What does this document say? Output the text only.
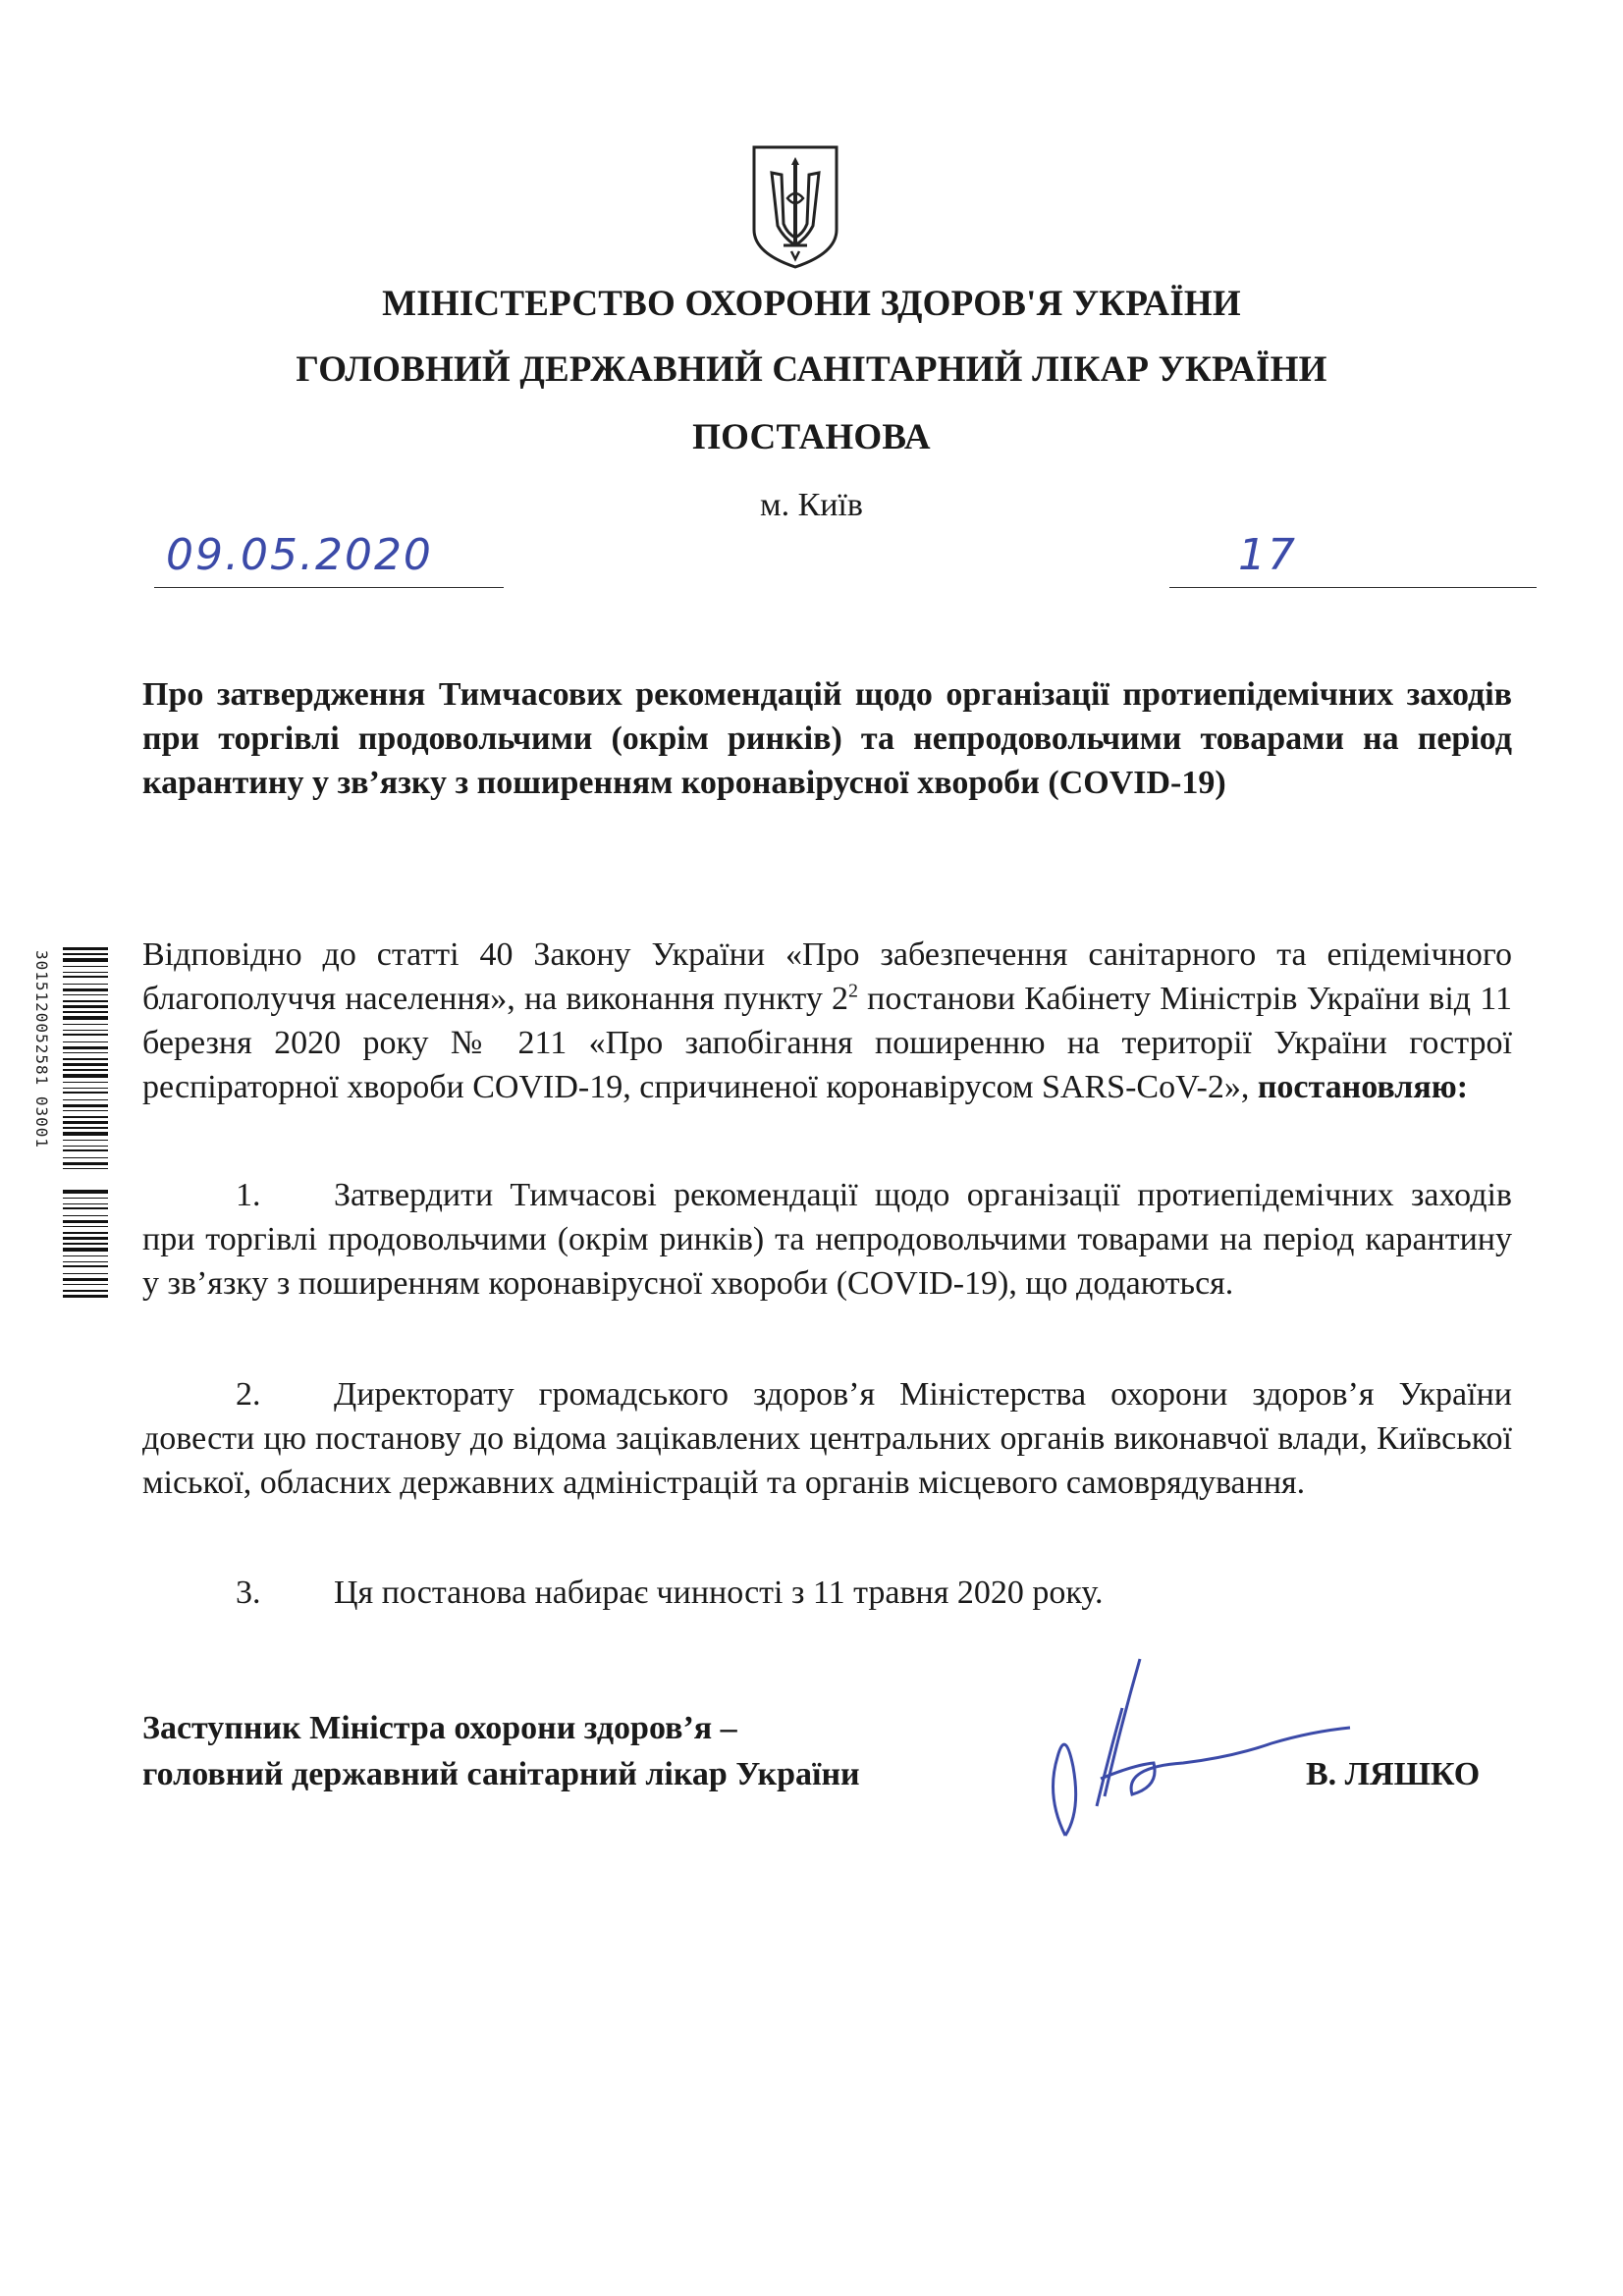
МІНІСТЕРСТВО ОХОРОНИ ЗДОРОВ'Я УКРАЇНИ
ГОЛОВНИЙ ДЕРЖАВНИЙ САНІТАРНИЙ ЛІКАР УКРАЇНИ
ПОСТАНОВА
м. Київ
09.05.2020	17
Про затвердження Тимчасових рекомендацій щодо організації протиепідемічних заходів при торгівлі продовольчими (окрім ринків) та непродовольчими товарами на період карантину у зв’язку з поширенням коронавірусної хвороби (COVID-19)
3015120052581 03001	Відповідно до статті 40 Закону України «Про забезпечення санітарного та епідемічного благополуччя населення», на виконання пункту $2^2$ постанови Кабінету Міністрів України від 11 березня 2020 року № 211 «Про запобігання поширенню на території України гострої респіраторної хвороби COVID-19, спричиненої коронавірусом SARS-CoV-2», постановляю:
1. Затвердити Тимчасові рекомендації щодо організації протиепідемічних заходів при торгівлі продовольчими (окрім ринків) та непродовольчими товарами на період карантину у зв’язку з поширенням коронавірусної хвороби (COVID-19), що додаються.
2. Директорату громадського здоров’я Міністерства охорони здоров’я України довести цю постанову до відома зацікавлених центральних органів виконавчої влади, Київської міської, обласних державних адміністрацій та органів місцевого самоврядування.
3. Ця постанова набирає чинності з 11 травня 2020 року.
Заступник Міністра охорони здоров’я –
головний державний санітарний лікар України	В. ЛЯШКО
